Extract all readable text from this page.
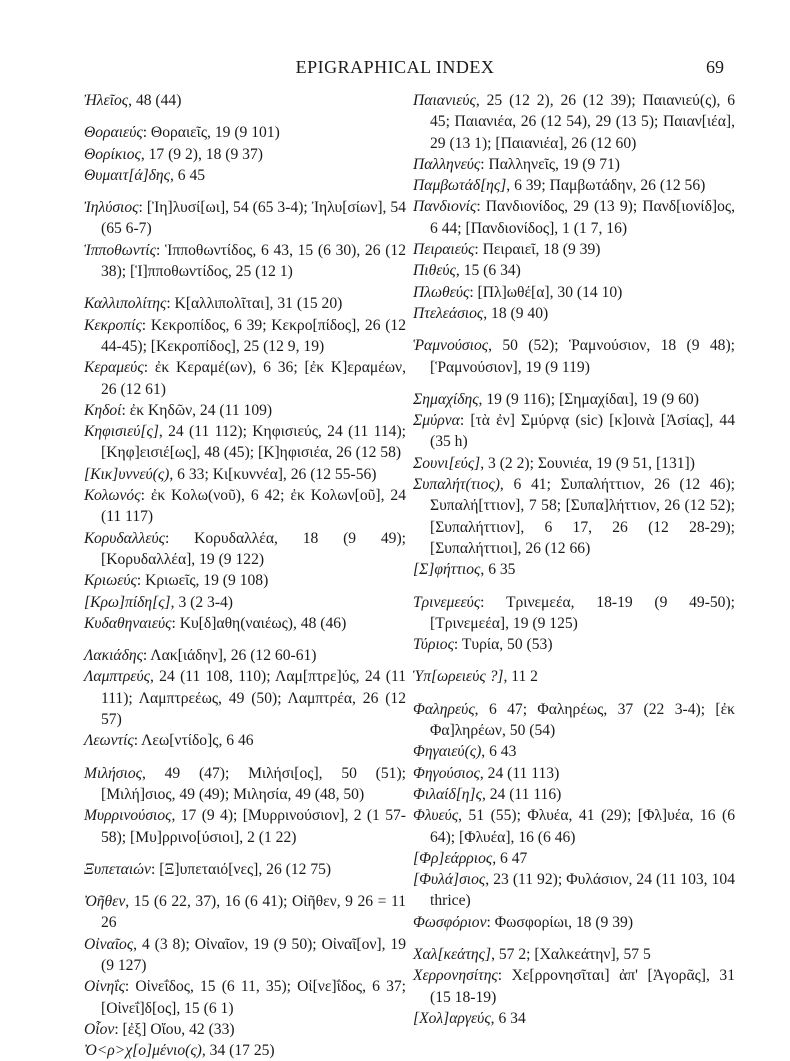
EPIGRAPHICAL INDEX	69
Ἠλεῖος, 48 (44)
Θοραιεύς: Θοραιεῖς, 19 (9 101)
Θορίκιος, 17 (9 2), 18 (9 37)
Θυμαιτ[ά]δης, 6 45
Ἰηλύσιος: [Ἰη]λυσί[ωι], 54 (65 3-4); Ἰηλυ[σίων], 54 (65 6-7)
Ἱπποθωντίς: Ἱπποθωντίδος, 6 43, 15 (6 30), 26 (12 38); [Ἱ]πποθωντίδος, 25 (12 1)
Καλλιπολίτης: Κ[αλλιπολῖται], 31 (15 20)
Κεκροπίς: Κεκροπίδος, 6 39; Κεκρο[πίδος], 26 (12 44-45); [Κεκροπίδος], 25 (12 9, 19)
Κεραμεύς: ἐκ Κεραμέ(ων), 6 36; [ἐκ Κ]εραμέων, 26 (12 61)
Κηδοί: ἐκ Κηδῶν, 24 (11 109)
Κηφισιεύ[ς], 24 (11 112); Κηφισιεύς, 24 (11 114); [Κηφ]εισιέ[ως], 48 (45); [Κ]ηφισιέα, 26 (12 58)
[Κικ]υννεύ(ς), 6 33; Κι[κυννέα], 26 (12 55-56)
Κολωνός: ἐκ Κολω(νοῦ), 6 42; ἐκ Κολων[οῦ], 24 (11 117)
Κορυδαλλεύς: Κορυδαλλέα, 18 (9 49); [Κορυδαλλέα], 19 (9 122)
Κριωεύς: Κριωεῖς, 19 (9 108)
[Κρω]πίδη[ς], 3 (2 3-4)
Κυδαθηναιεύς: Κυ[δ]αθη(ναιέως), 48 (46)
Λακιάδης: Λακ[ιάδην], 26 (12 60-61)
Λαμπτρεύς, 24 (11 108, 110); Λαμ[πτρε]ύς, 24 (11 111); Λαμπτρεέως, 49 (50); Λαμπτρέα, 26 (12 57)
Λεωντίς: Λεω[ντίδο]ς, 6 46
Μιλήσιος, 49 (47); Μιλήσι[ος], 50 (51); [Μιλή]σιος, 49 (49); Μιλησία, 49 (48, 50)
Μυρρινούσιος, 17 (9 4); [Μυρρινούσιον], 2 (1 57-58); [Μυ]ρρινο[ύσιοι], 2 (1 22)
Ξυπεταιών: [Ξ]υπεταιό[νες], 26 (12 75)
Ὀῆθεν, 15 (6 22, 37), 16 (6 41); Οἰῆθεν, 9 26 = 11 26
Οἰναῖος, 4 (3 8); Οἰναῖον, 19 (9 50); Οἰναῖ[ον], 19 (9 127)
Οἰνηΐς: Οἰνεΐδος, 15 (6 11, 35); Οἰ[νε]ΐδος, 6 37; [Οἰνεΐ]δ[ος], 15 (6 1)
Οἶον: [ἐξ] Οἴου, 42 (33)
Ὀ<ρ>χ[ο]μένιο(ς), 34 (17 25)
Παιανιεύς, 25 (12 2), 26 (12 39); Παιανιεύ(ς), 6 45; Παιανιέα, 26 (12 54), 29 (13 5); Παιαν[ιέα], 29 (13 1); [Παιανιέα], 26 (12 60)
Παλληνεύς: Παλληνεῖς, 19 (9 71)
Παμβωτάδ[ης], 6 39; Παμβωτάδην, 26 (12 56)
Πανδιονίς: Πανδιονίδος, 29 (13 9); Πανδ[ιονίδ]ος, 6 44; [Πανδιονίδος], 1 (1 7, 16)
Πειραιεύς: Πειραιεῖ, 18 (9 39)
Πιθεύς, 15 (6 34)
Πλωθεύς: [Πλ]ωθέ[α], 30 (14 10)
Πτελεάσιος, 18 (9 40)
Ῥαμνούσιος, 50 (52); Ῥαμνούσιον, 18 (9 48); [Ῥαμνούσιον], 19 (9 119)
Σημαχίδης, 19 (9 116); [Σημαχίδαι], 19 (9 60)
Σμύρνα: [τὰ ἐν] Σμύρνᾳ (sic) [κ]οινὰ [Ἀσίας], 44 (35 h)
Σουνι[εύς], 3 (2 2); Σουνιέα, 19 (9 51, [131])
Συπαλήτ(τιος), 6 41; Συπαλήττιον, 26 (12 46); Συπαλή[ττιον], 7 58; [Συπα]λήττιον, 26 (12 52); [Συπαλήττιον], 6 17, 26 (12 28-29); [Συπαλήττιοι], 26 (12 66)
[Σ]φήττιος, 6 35
Τρινεμεεύς: Τρινεμεέα, 18-19 (9 49-50); [Τρινεμεέα], 19 (9 125)
Τύριος: Τυρία, 50 (53)
Ὑπ[ωρειεύς ?], 11 2
Φαληρεύς, 6 47; Φαληρέως, 37 (22 3-4); [ἐκ Φα]ληρέων, 50 (54)
Φηγαιεύ(ς), 6 43
Φηγούσιος, 24 (11 113)
Φιλαίδ[η]ς, 24 (11 116)
Φλυεύς, 51 (55); Φλυέα, 41 (29); [Φλ]υέα, 16 (6 64); [Φλυέα], 16 (6 46)
[Φρ]εάρριος, 6 47
[Φυλά]σιος, 23 (11 92); Φυλάσιον, 24 (11 103, 104 thrice)
Φωσφόριον: Φωσφορίωι, 18 (9 39)
Χαλ[κεάτης], 57 2; [Χαλκεάτην], 57 5
Χερρονησίτης: Χε[ρρονησῖται] ἀπ' [Ἀγορᾶς], 31 (15 18-19)
[Χολ]αργεύς, 6 34
